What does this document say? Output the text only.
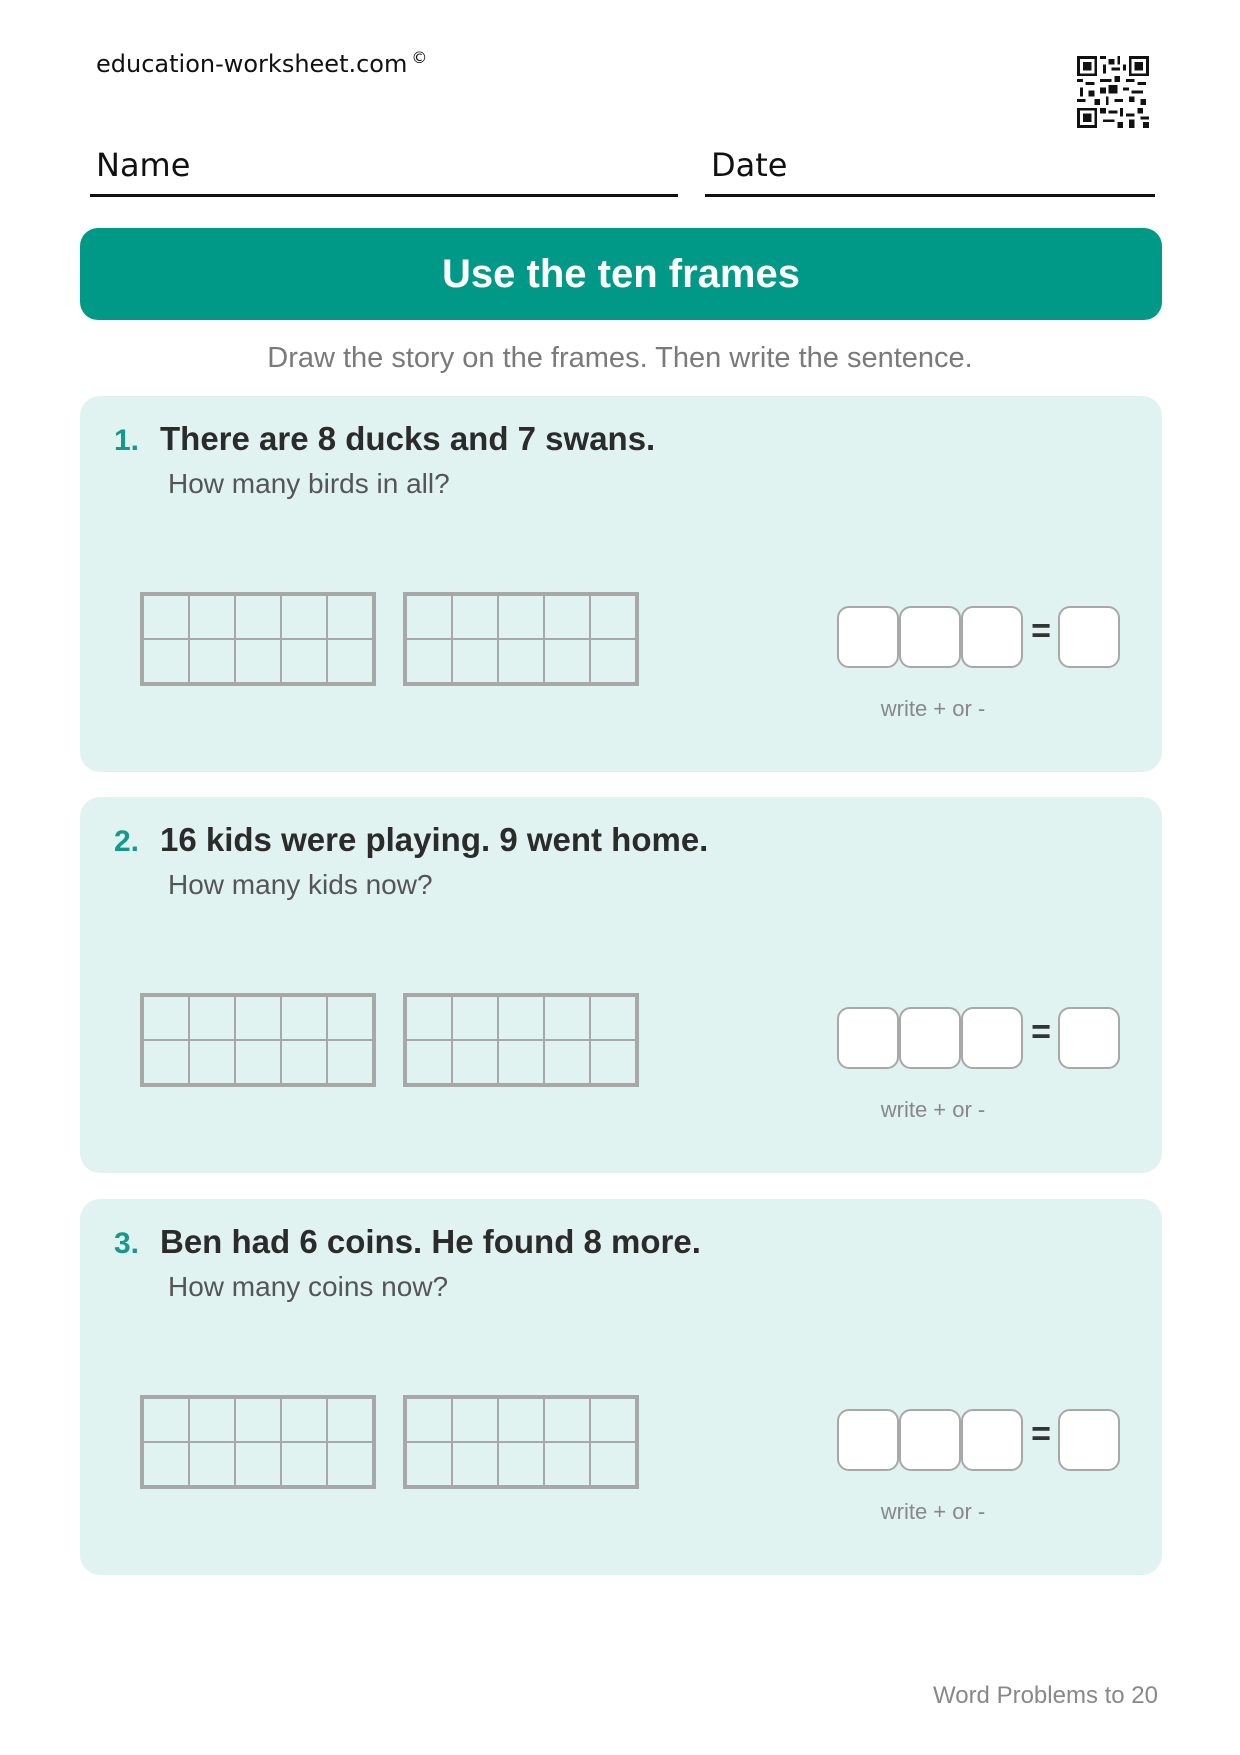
education-worksheet.com ©
Name	Date
Use the ten frames
Draw the story on the frames. Then write the sentence.
1. There are 8 ducks and 7 swans.
How many birds in all?
=
write + or -
2. 16 kids were playing. 9 went home.
How many kids now?
=
write + or -
3. Ben had 6 coins. He found 8 more.
How many coins now?
=
write + or -
Word Problems to 20
